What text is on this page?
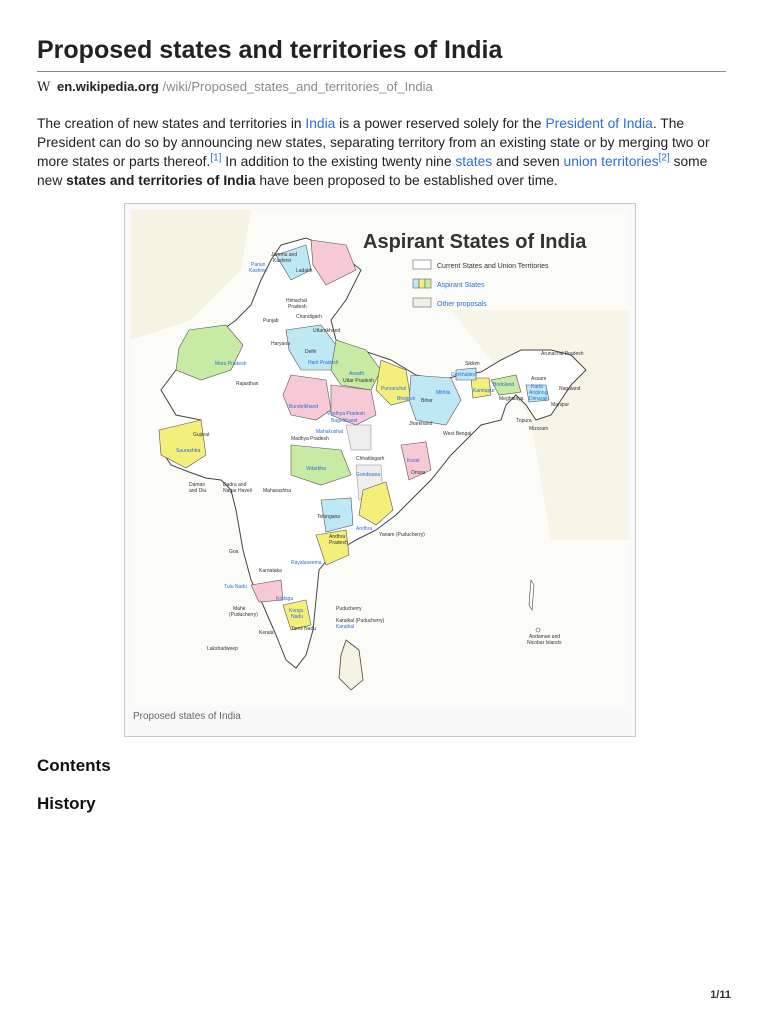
Proposed states and territories of India
W en.wikipedia.org /wiki/Proposed_states_and_territories_of_India

The creation of new states and territories in India is a power reserved solely for the President of India. The President can do so by announcing new states, separating territory from an existing state or by merging two or more states or parts thereof.[1] In addition to the existing twenty nine states and seven union territories[2] some new states and territories of India have been proposed to be established over time.

Aspirant States of India
Current States and Union Territories
Aspirant States
Other proposals
Jammu and
Kashmir
Panun
Kashmir	Ladakh
Himachal
Pradesh
Chandigarh
Punjab
Uttarakhand
Haryana
Delhi
Harit Pradesh
Maru Pradesh
Rajasthan
Awadh
Uttar Pradesh
Purvanchal
Bhojpuri
Mithila
Bihar
Bundelkhand
Vindhya Pradesh
Bagelkhand
Mahakoshal
Madhya Pradesh
Jharkhand
West Bengal
Sikkim
Gorkhaland
Kamtapur
Bodoland
Assam
Karbi
Anglong
Dimaraji
Arunachal Pradesh
Nagaland
Meghalaya
Manipur
Tripura
Mizoram
Gujarat
Saurashtra
Vidarbha
Gondwana
Chhattisgarh	Kosal
Orissa
Daman
and Diu
Dadra and
Nagar Haveli Maharashtra
Telangana
Andhra
Andhra
Pradesh
Yanam (Puducherry)
Goa
Karnataka
Rayalaseema
Tulu Nadu
Kodagu
Mahé
(Puducherry)
Kongu
Nadu
Puducherry
Karaikal (Puducherry)
Karaikal
Kerala
Tamil Nadu
Lakshadweep
Andaman and
Nicobar Islands
Proposed states of India
Contents
History
1/11
